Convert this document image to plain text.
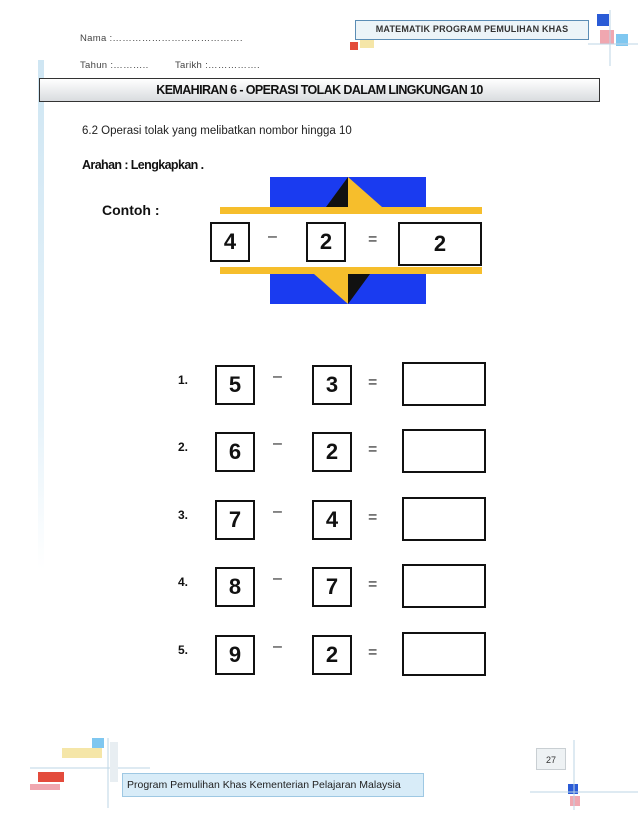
MATEMATIK PROGRAM PEMULIHAN KHAS
Nama :………………………………….
Tahun :………..	Tarikh :…………….
KEMAHIRAN 6 - OPERASI TOLAK DALAM LINGKUNGAN 10
6.2 Operasi tolak yang melibatkan nombor hingga 10
Arahan : Lengkapkan .
Contoh :
4	–	2	=	2
1.	5	–	3	=
2.	6	–	2	=
3.	7	–	4	=
4.	8	–	7	=
5.	9	–	2	=
27
Program Pemulihan Khas Kementerian Pelajaran Malaysia
